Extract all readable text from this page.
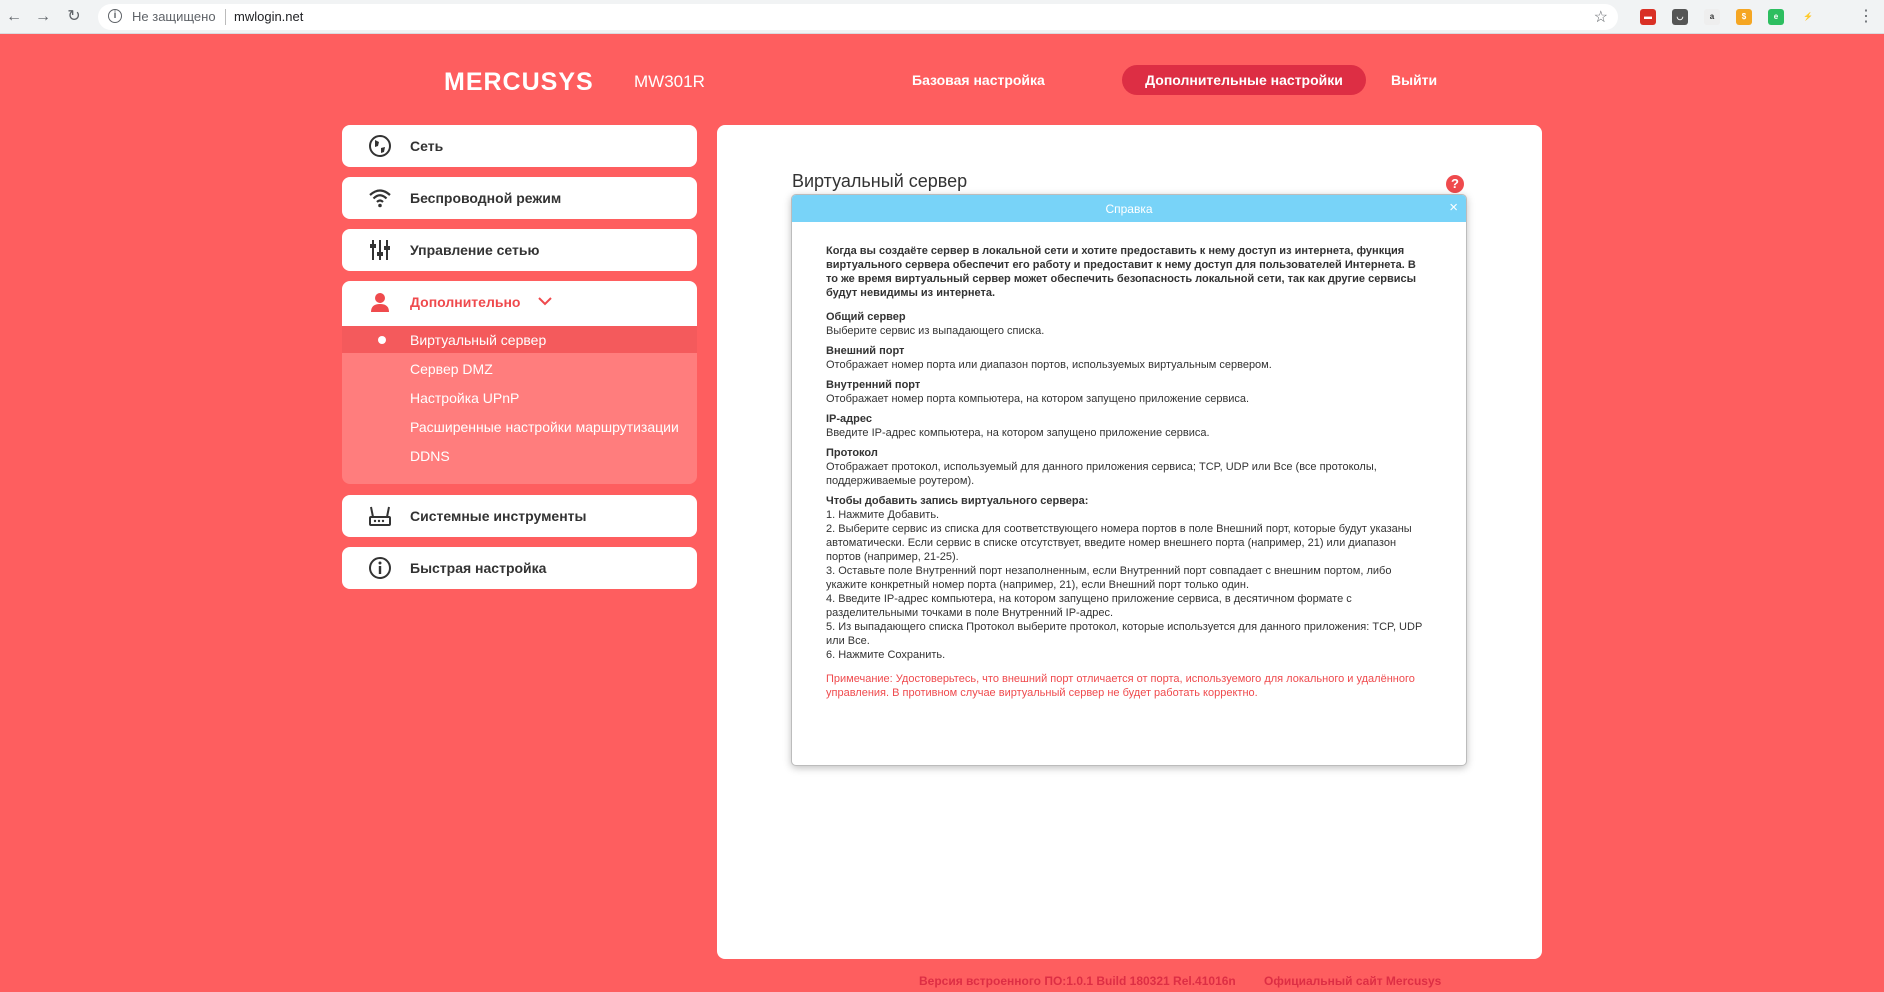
← → ↻	i	Не защищено mwlogin.net	☆	▬	◡	a	$	e	⚡	⋮
MERCUSYS MW301R	Базовая настройка	Дополнительные настройки	Выйти
Сеть
Беспроводной режим
Управление сетью
Дополнительно
Виртуальный сервер
Сервер DMZ
Настройка UPnP
Расширенные настройки маршрутизации
DDNS
Системные инструменты
Быстрая настройка
Виртуальный сервер	?
Справка	×
Когда вы создаёте сервер в локальной сети и хотите предоставить к нему доступ из интернета, функция виртуального сервера обеспечит его работу и предоставит к нему доступ для пользователей Интернета. В то же время виртуальный сервер может обеспечить безопасность локальной сети, так как другие сервисы будут невидимы из интернета.
Общий сервер
Выберите сервис из выпадающего списка.
Внешний порт
Отображает номер порта или диапазон портов, используемых виртуальным сервером.
Внутренний порт
Отображает номер порта компьютера, на котором запущено приложение сервиса.
IP-адрес
Введите IP-адрес компьютера, на котором запущено приложение сервиса.
Протокол
Отображает протокол, используемый для данного приложения сервиса; TCP, UDP или Все (все протоколы, поддерживаемые роутером).
Чтобы добавить запись виртуального сервера:
1. Нажмите Добавить.
2. Выберите сервис из списка для соответствующего номера портов в поле Внешний порт, которые будут указаны автоматически. Если сервис в списке отсутствует, введите номер внешнего порта (например, 21) или диапазон портов (например, 21-25).
3. Оставьте поле Внутренний порт незаполненным, если Внутренний порт совпадает с внешним портом, либо укажите конкретный номер порта (например, 21), если Внешний порт только один.
4. Введите IP-адрес компьютера, на котором запущено приложение сервиса, в десятичном формате с разделительными точками в поле Внутренний IP-адрес.
5. Из выпадающего списка Протокол выберите протокол, которые используется для данного приложения: TCP, UDP или Все.
6. Нажмите Сохранить.
Примечание: Удостоверьтесь, что внешний порт отличается от порта, используемого для локального и удалённого управления. В противном случае виртуальный сервер не будет работать корректно.
Версия встроенного ПО:1.0.1 Build 180321 Rel.41016n Официальный сайт Mercusys
